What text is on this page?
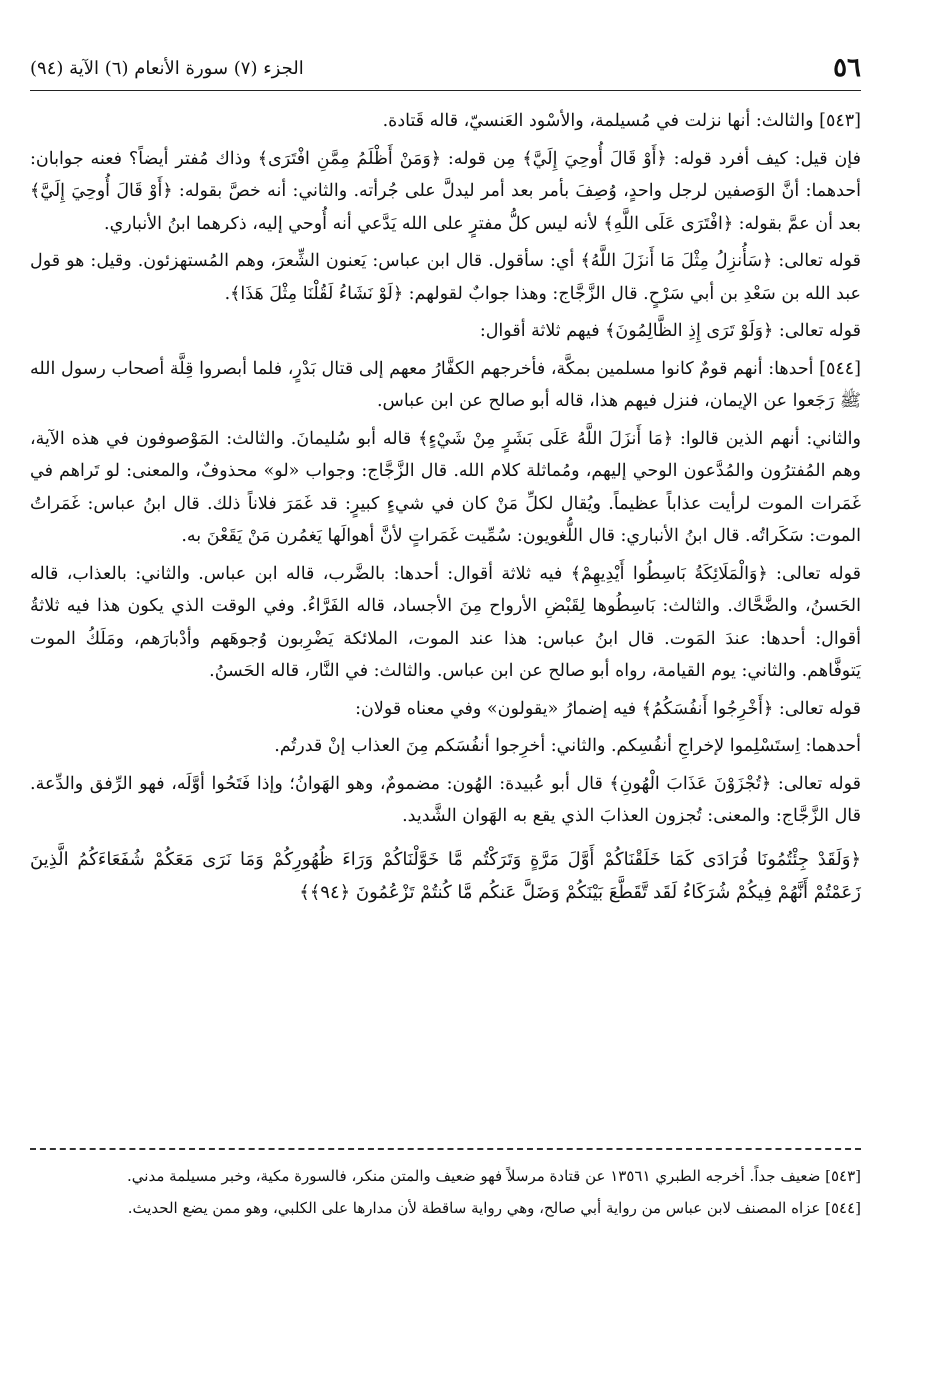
٥٦
الجزء (٧) سورة الأنعام (٦) الآية (٩٤)

[٥٤٣] والثالث: أنها نزلت في مُسيلمة، والأسْود العَنسيّ، قاله قَتادة.

فإن قيل: كيف أفرد قوله: ﴿أَوْ قَالَ أُوحِيَ إِلَيَّ﴾ مِن قوله: ﴿وَمَنْ أَظْلَمُ مِمَّنِ افْتَرَى﴾ وذاك مُفتر أيضاً؟ فعنه جوابان: أحدهما: أنَّ الوَصفين لرجل واحدٍ، وُصِفَ بأمر بعد أمر ليدلَّ على جُرأته. والثاني: أنه خصَّ بقوله: ﴿أَوْ قَالَ أُوحِيَ إِلَيَّ﴾ بعد أن عمَّ بقوله: ﴿افْتَرَى عَلَى اللَّهِ﴾ لأنه ليس كلُّ مفترٍ على الله يَدَّعي أنه أُوحي إليه، ذكرهما ابنُ الأنباري.

قوله تعالى: ﴿سَأُنزِلُ مِثْلَ مَا أَنزَلَ اللَّهُ﴾ أي: سأقول. قال ابن عباس: يَعنون الشِّعرَ، وهم المُستهزئون. وقيل: هو قول عبد الله بن سَعْدِ بن أبي سَرْحٍ. قال الزَّجَّاج: وهذا جوابٌ لقولهم: ﴿لَوْ نَشَاءُ لَقُلْنَا مِثْلَ هَذَا﴾.

قوله تعالى: ﴿وَلَوْ تَرَى إِذِ الظَّالِمُونَ﴾ فيهم ثلاثة أقوال:

[٥٤٤] أحدها: أنهم قومٌ كانوا مسلمين بمكَّة، فأخرجهم الكفَّارُ معهم إلى قتال بَدْرٍ، فلما أبصروا قِلَّة أصحاب رسول الله ﷺ رَجَعوا عن الإيمان، فنزل فيهم هذا، قاله أبو صالح عن ابن عباس.

والثاني: أنهم الذين قالوا: ﴿مَا أَنزَلَ اللَّهُ عَلَى بَشَرٍ مِنْ شَيْءٍ﴾ قاله أبو سُليمانَ. والثالث: المَوْصوفون في هذه الآية، وهم المُفترُون والمُدَّعون الوحي إليهم، ومُماثلة كلام الله. قال الزَّجَّاج: وجواب «لو» محذوفٌ، والمعنى: لو تَراهم في غَمَرات الموت لرأيت عذاباً عظيماً. ويُقال لكلِّ مَنْ كان في شيءٍ كبيرٍ: قد غَمَرَ فلاناً ذلك. قال ابنُ عباس: غَمَراتُ الموت: سَكَراتُه. قال ابنُ الأنباري: قال اللُّغويون: سُمِّيت غَمَراتٍ لأنَّ أهوالَها يَغمُرن مَنْ يَقَعْنَ به.

قوله تعالى: ﴿وَالْمَلَائِكَةُ بَاسِطُوا أَيْدِيهِمْ﴾ فيه ثلاثة أقوال: أحدها: بالضَّرب، قاله ابن عباس. والثاني: بالعذاب، قاله الحَسنُ، والضَّحَّاك. والثالث: بَاسِطُوها لِقَبْضِ الأرواح مِنَ الأجساد، قاله الفَرَّاءُ. وفي الوقت الذي يكون هذا فيه ثلاثةُ أقوال: أحدها: عندَ المَوت. قال ابنُ عباس: هذا عند الموت، الملائكة يَضْرِبون وُجوهَهم وأدْبارَهم، ومَلَكُ الموت يَتوفَّاهم. والثاني: يوم القيامة، رواه أبو صالح عن ابن عباس. والثالث: في النَّار، قاله الحَسنُ.

قوله تعالى: ﴿أَخْرِجُوا أَنفُسَكُمُ﴾ فيه إضمارُ «يقولون» وفي معناه قولان:

أحدهما: اِستَسْلِموا لإخراجِ أنفُسِكم. والثاني: أخرِجوا أنفُسَكم مِنَ العذاب إنْ قدرتُم.

قوله تعالى: ﴿تُجْزَوْنَ عَذَابَ الْهُونِ﴾ قال أبو عُبيدة: الهُون: مضمومٌ، وهو الهَوانُ؛ وإذا فَتَحُوا أوَّلَه، فهو الرِّفق والدِّعة. قال الزَّجَّاج: والمعنى: تُجزون العذابَ الذي يقع به الهَوان الشَّديد.

﴿وَلَقَدْ جِئْتُمُونَا فُرَادَى كَمَا خَلَقْنَاكُمْ أَوَّلَ مَرَّةٍ وَتَرَكْتُم مَّا خَوَّلْنَاكُمْ وَرَاءَ ظُهُورِكُمْ وَمَا نَرَى مَعَكُمْ شُفَعَاءَكُمُ الَّذِينَ زَعَمْتُمْ أَنَّهُمْ فِيكُمْ شُرَكَاءُ لَقَد تَّقَطَّعَ بَيْنَكُمْ وَضَلَّ عَنكُم مَّا كُنتُمْ تَزْعُمُونَ ﴿٩٤﴾﴾

[٥٤٣] ضعيف جداً. أخرجه الطبري ١٣٥٦١ عن قتادة مرسلاً فهو ضعيف والمتن منكر، فالسورة مكية، وخبر مسيلمة مدني.

[٥٤٤] عزاه المصنف لابن عباس من رواية أبي صالح، وهي رواية ساقطة لأن مدارها على الكلبي، وهو ممن يضع الحديث.
